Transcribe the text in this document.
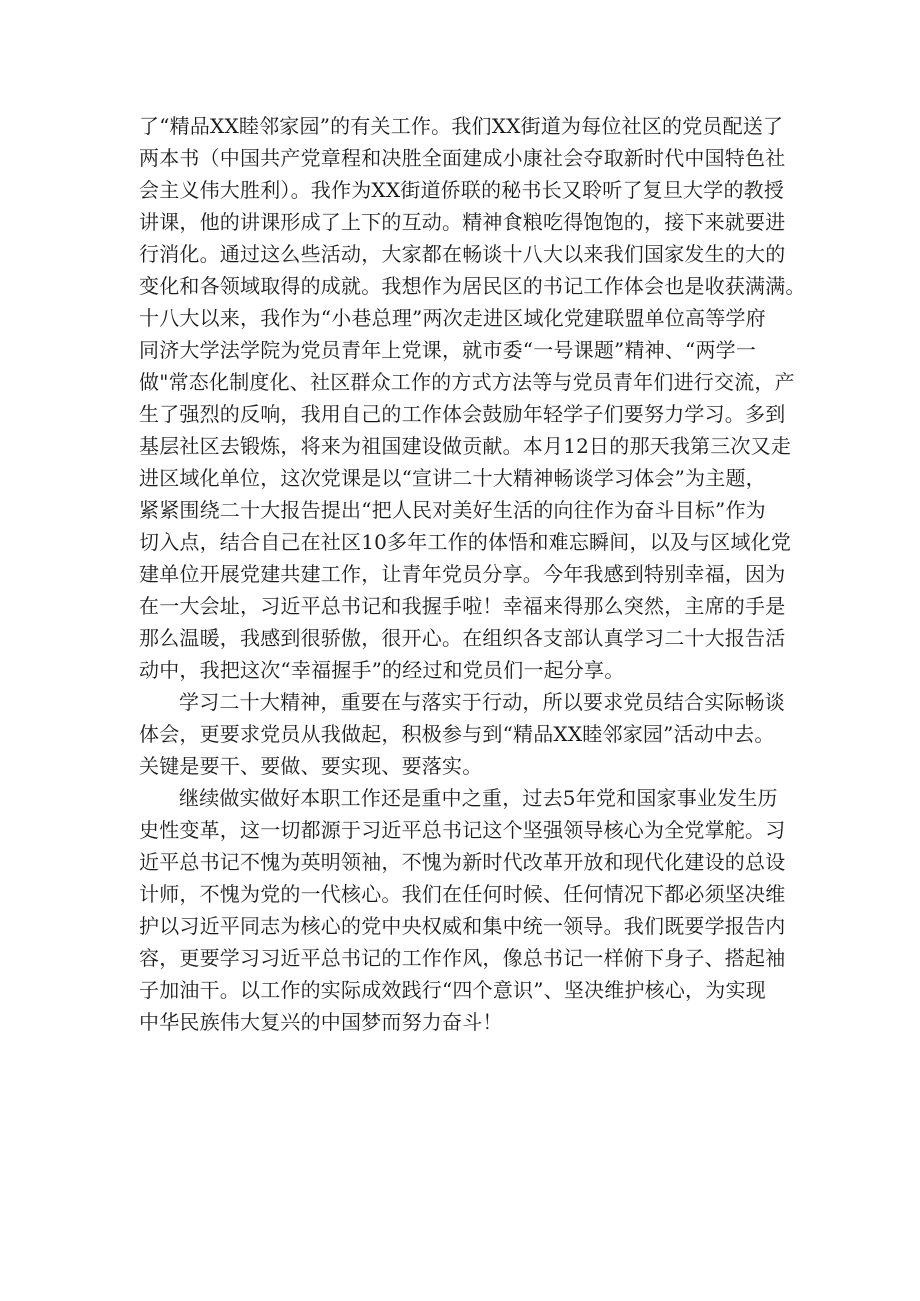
了“精品XX睦邻家园”的有关工作。我们XX街道为每位社区的党员配送了
两本书（中国共产党章程和决胜全面建成小康社会夺取新时代中国特色社
会主义伟大胜利）。我作为XX街道侨联的秘书长又聆听了复旦大学的教授
讲课，他的讲课形成了上下的互动。精神食粮吃得饱饱的，接下来就要进
行消化。通过这么些活动，大家都在畅谈十八大以来我们国家发生的大的
变化和各领域取得的成就。我想作为居民区的书记工作体会也是收获满满。
十八大以来，我作为“小巷总理”两次走进区域化党建联盟单位高等学府
同济大学法学院为党员青年上党课，就市委“一号课题”精神、“两学一
做"常态化制度化、社区群众工作的方式方法等与党员青年们进行交流，产
生了强烈的反响，我用自己的工作体会鼓励年轻学子们要努力学习。多到
基层社区去锻炼，将来为祖国建设做贡献。本月12日的那天我第三次又走
进区域化单位，这次党课是以“宣讲二十大精神畅谈学习体会”为主题，
紧紧围绕二十大报告提出“把人民对美好生活的向往作为奋斗目标”作为
切入点，结合自己在社区10多年工作的体悟和难忘瞬间，以及与区域化党
建单位开展党建共建工作，让青年党员分享。今年我感到特别幸福，因为
在一大会址，习近平总书记和我握手啦！幸福来得那么突然，主席的手是
那么温暖，我感到很骄傲，很开心。在组织各支部认真学习二十大报告活
动中，我把这次“幸福握手”的经过和党员们一起分享。
学习二十大精神，重要在与落实于行动，所以要求党员结合实际畅谈
体会，更要求党员从我做起，积极参与到“精品XX睦邻家园”活动中去。
关键是要干、要做、要实现、要落实。
继续做实做好本职工作还是重中之重，过去5年党和国家事业发生历
史性变革，这一切都源于习近平总书记这个坚强领导核心为全党掌舵。习
近平总书记不愧为英明领袖，不愧为新时代改革开放和现代化建设的总设
计师，不愧为党的一代核心。我们在任何时候、任何情况下都必须坚决维
护以习近平同志为核心的党中央权威和集中统一领导。我们既要学报告内
容，更要学习习近平总书记的工作作风，像总书记一样俯下身子、搭起袖
子加油干。以工作的实际成效践行“四个意识”、坚决维护核心，为实现
中华民族伟大复兴的中国梦而努力奋斗！
